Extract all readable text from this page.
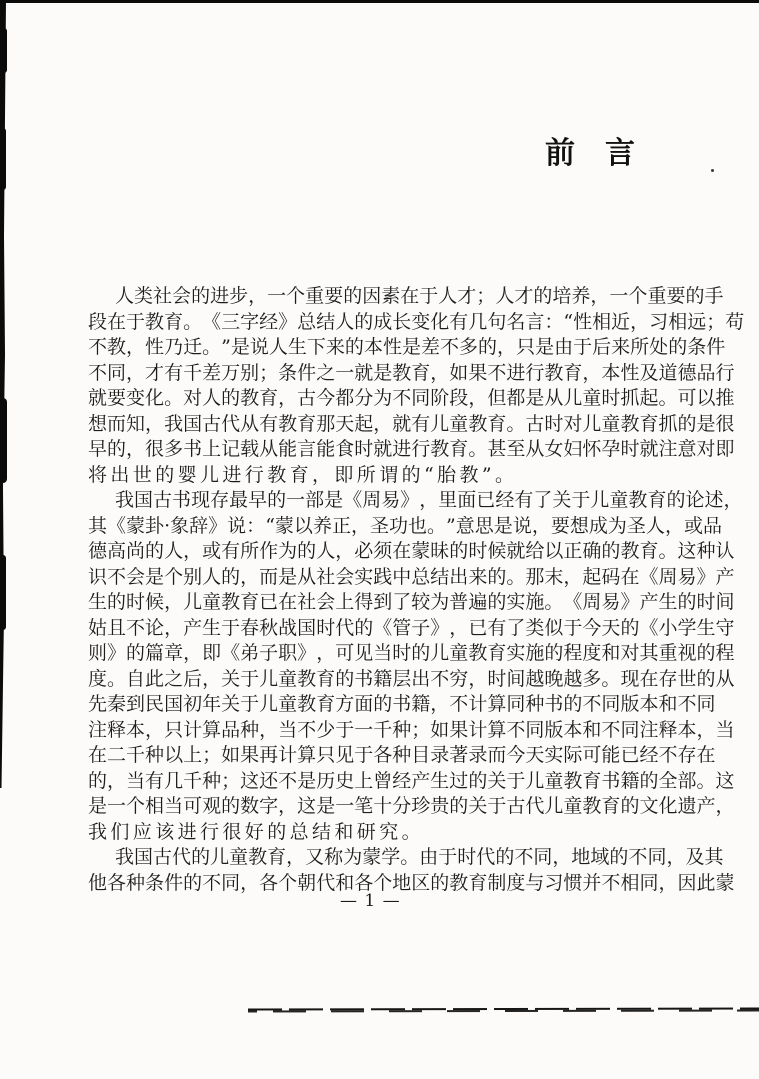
前 言
人 类 社 会 的 进 步 ， 一 个 重 要 的 因 素 在 于 人 才 ； 人 才 的 培 养 ， 一 个 重 要 的 手
段 在 于 教 育 。 《 三 字 经 》 总 结 人 的 成 长 变 化 有 几 句 名 言 ： “ 性 相 近 ， 习 相 远 ； 苟
不 教 ， 性 乃 迁 。 ” 是 说 人 生 下 来 的 本 性 是 差 不 多 的 ， 只 是 由 于 后 来 所 处 的 条 件
不 同 ， 才 有 千 差 万 别 ； 条 件 之 一 就 是 教 育 ， 如 果 不 进 行 教 育 ， 本 性 及 道 德 品 行
就 要 变 化 。 对 人 的 教 育 ， 古 今 都 分 为 不 同 阶 段 ， 但 都 是 从 儿 童 时 抓 起 。 可 以 推
想 而 知 ， 我 国 古 代 从 有 教 育 那 天 起 ， 就 有 儿 童 教 育 。 古 时 对 儿 童 教 育 抓 的 是 很
早 的 ， 很 多 书 上 记 载 从 能 言 能 食 时 就 进 行 教 育 。 甚 至 从 女 妇 怀 孕 时 就 注 意 对 即
将出世的婴儿进行教育，即所谓的“胎教”。
我 国 古 书 现 存 最 早 的 一 部 是 《 周 易 》 ， 里 面 已 经 有 了 关 于 儿 童 教 育 的 论 述 ，
其 《 蒙 卦 · 象 辞 》 说 ： “ 蒙 以 养 正 ， 圣 功 也 。 ” 意 思 是 说 ， 要 想 成 为 圣 人 ， 或 品
德 高 尚 的 人 ， 或 有 所 作 为 的 人 ， 必 须 在 蒙 昧 的 时 候 就 给 以 正 确 的 教 育 。 这 种 认
识 不 会 是 个 别 人 的 ， 而 是 从 社 会 实 践 中 总 结 出 来 的 。 那 末 ， 起 码 在 《 周 易 》 产
生 的 时 候 ， 儿 童 教 育 已 在 社 会 上 得 到 了 较 为 普 遍 的 实 施 。 《 周 易 》 产 生 的 时 间
姑 且 不 论 ， 产 生 于 春 秋 战 国 时 代 的 《 管 子 》 ， 已 有 了 类 似 于 今 天 的 《 小 学 生 守
则 》 的 篇 章 ， 即 《 弟 子 职 》 ， 可 见 当 时 的 儿 童 教 育 实 施 的 程 度 和 对 其 重 视 的 程
度 。 自 此 之 后 ， 关 于 儿 童 教 育 的 书 籍 层 出 不 穷 ， 时 间 越 晚 越 多 。 现 在 存 世 的 从
先 秦 到 民 国 初 年 关 于 儿 童 教 育 方 面 的 书 籍 ， 不 计 算 同 种 书 的 不 同 版 本 和 不 同
注 释 本 ， 只 计 算 品 种 ， 当 不 少 于 一 千 种 ； 如 果 计 算 不 同 版 本 和 不 同 注 释 本 ， 当
在 二 千 种 以 上 ； 如 果 再 计 算 只 见 于 各 种 目 录 著 录 而 今 天 实 际 可 能 已 经 不 存 在
的 ， 当 有 几 千 种 ； 这 还 不 是 历 史 上 曾 经 产 生 过 的 关 于 儿 童 教 育 书 籍 的 全 部 。 这
是 一 个 相 当 可 观 的 数 字 ， 这 是 一 笔 十 分 珍 贵 的 关 于 古 代 儿 童 教 育 的 文 化 遗 产 ，
我们应该进行很好的总结和研究。
我 国 古 代 的 儿 童 教 育 ， 又 称 为 蒙 学 。 由 于 时 代 的 不 同 ， 地 域 的 不 同 ， 及 其
他 各 种 条 件 的 不 同 ， 各 个 朝 代 和 各 个 地 区 的 教 育 制 度 与 习 惯 并 不 相 同 ， 因 此 蒙
— 1 —
